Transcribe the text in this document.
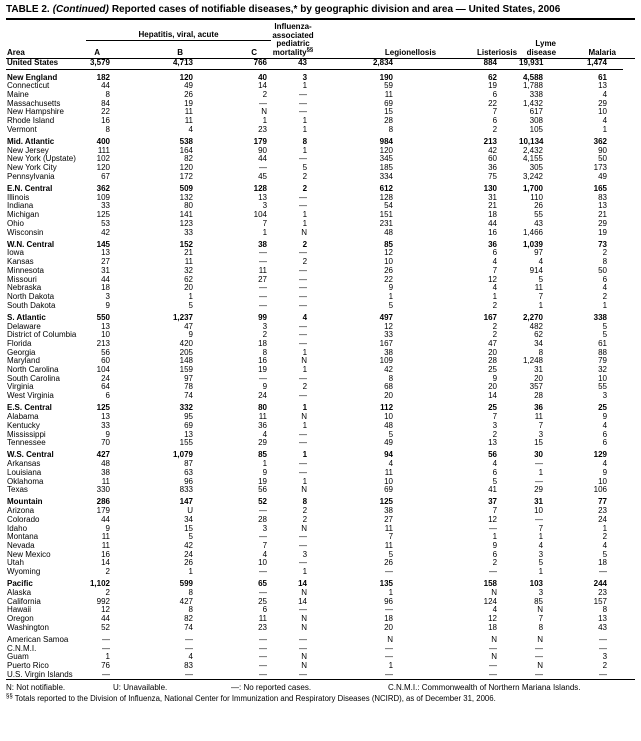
TABLE 2. (Continued) Reported cases of notifiable diseases,* by geographic division and area — United States, 2006
Area	Hepatitis, viral, acute			Influenza-
associated
pediatric
mortality§§	Legionellosis	Listeriosis	Lyme
disease	Malaria	
	A	B	C						
United States	3,579	4,713	766	43	2,834	884	19,931	1,474	
New England	182	120	40	3	190	62	4,588	61	
Connecticut	44	49	14	1	59	19	1,788	13	
Maine	8	26	2	—	11	6	338	4	
Massachusetts	84	19	—	—	69	22	1,432	29	
New Hampshire	22	11	N	—	15	7	617	10	
Rhode Island	16	11	1	1	28	6	308	4	
Vermont	8	4	23	1	8	2	105	1	
Mid. Atlantic	400	538	179	8	984	213	10,134	362	
New Jersey	111	164	90	1	120	42	2,432	90	
New York (Upstate)	102	82	44	—	345	60	4,155	50	
New York City	120	120	—	5	185	36	305	173	
Pennsylvania	67	172	45	2	334	75	3,242	49	
E.N. Central	362	509	128	2	612	130	1,700	165	
Illinois	109	132	13	—	128	31	110	83	
Indiana	33	80	3	—	54	21	26	13	
Michigan	125	141	104	1	151	18	55	21	
Ohio	53	123	7	1	231	44	43	29	
Wisconsin	42	33	1	N	48	16	1,466	19	
W.N. Central	145	152	38	2	85	36	1,039	73	
Iowa	13	21	—	—	12	6	97	2	
Kansas	27	11	—	2	10	4	4	8	
Minnesota	31	32	11	—	26	7	914	50	
Missouri	44	62	27	—	22	12	5	6	
Nebraska	18	20	—	—	9	4	11	4	
North Dakota	3	1	—	—	1	1	7	2	
South Dakota	9	5	—	—	5	2	1	1	
S. Atlantic	550	1,237	99	4	497	167	2,270	338	
Delaware	13	47	3	—	12	2	482	5	
District of Columbia	10	9	2	—	33	2	62	5	
Florida	213	420	18	—	167	47	34	61	
Georgia	56	205	8	1	38	20	8	88	
Maryland	60	148	16	N	109	28	1,248	79	
North Carolina	104	159	19	1	42	25	31	32	
South Carolina	24	97	—	—	8	9	20	10	
Virginia	64	78	9	2	68	20	357	55	
West Virginia	6	74	24	—	20	14	28	3	
E.S. Central	125	332	80	1	112	25	36	25	
Alabama	13	95	11	N	10	7	11	9	
Kentucky	33	69	36	1	48	3	7	4	
Mississippi	9	13	4	—	5	2	3	6	
Tennessee	70	155	29	—	49	13	15	6	
W.S. Central	427	1,079	85	1	94	56	30	129	
Arkansas	48	87	1	—	4	4	—	4	
Louisiana	38	63	9	—	11	6	1	9	
Oklahoma	11	96	19	1	10	5	—	10	
Texas	330	833	56	N	69	41	29	106	
Mountain	286	147	52	8	125	37	31	77	
Arizona	179	U	—	2	38	7	10	23	
Colorado	44	34	28	2	27	12	—	24	
Idaho	9	15	3	N	11	—	7	1	
Montana	11	5	—	—	7	1	1	2	
Nevada	11	42	7	—	11	9	4	4	
New Mexico	16	24	4	3	5	6	3	5	
Utah	14	26	10	—	26	2	5	18	
Wyoming	2	1	—	1	—	—	1	—	
Pacific	1,102	599	65	14	135	158	103	244	
Alaska	2	8	—	N	1	N	3	23	
California	992	427	25	14	96	124	85	157	
Hawaii	12	8	6	—	—	4	N	8	
Oregon	44	82	11	N	18	12	7	13	
Washington	52	74	23	N	20	18	8	43	
American Samoa	—	—	—	—	N	N	N	—	
C.N.M.I.	—	—	—	—	—	—	—	—	
Guam	1	4	—	N	—	N	—	3	
Puerto Rico	76	83	—	N	1	—	N	2	
U.S. Virgin Islands	—	—	—	—	—	—	—	—	
N: Not notifiable.	U: Unavailable.	—: No reported cases.	C.N.M.I.: Commonwealth of Northern Mariana Islands.
§§ Totals reported to the Division of Influenza, National Center for Immunization and Respiratory Diseases (NCIRD), as of December 31, 2006.
